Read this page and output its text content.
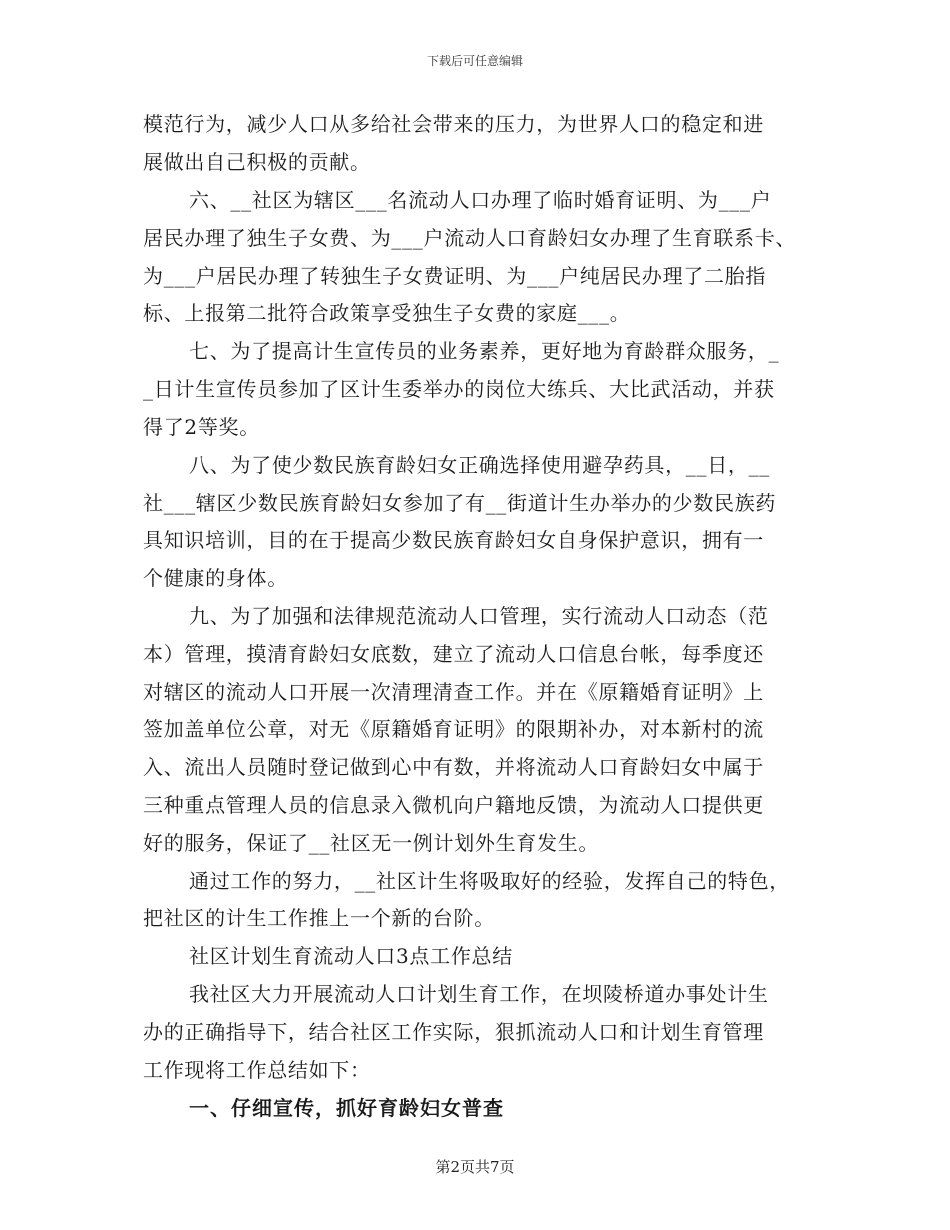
下载后可任意编辑
模范行为，减少人口从多给社会带来的压力，为世界人口的稳定和进
展做出自己积极的贡献。
六、__社区为辖区___名流动人口办理了临时婚育证明、为___户
居民办理了独生子女费、为___户流动人口育龄妇女办理了生育联系卡、
为___户居民办理了转独生子女费证明、为___户纯居民办理了二胎指
标、上报第二批符合政策享受独生子女费的家庭___。
七、为了提高计生宣传员的业务素养，更好地为育龄群众服务，_
_日计生宣传员参加了区计生委举办的岗位大练兵、大比武活动，并获
得了2等奖。
八、为了使少数民族育龄妇女正确选择使用避孕药具，__日，__
社___辖区少数民族育龄妇女参加了有__街道计生办举办的少数民族药
具知识培训，目的在于提高少数民族育龄妇女自身保护意识，拥有一
个健康的身体。
九、为了加强和法律规范流动人口管理，实行流动人口动态（范
本）管理，摸清育龄妇女底数，建立了流动人口信息台帐，每季度还
对辖区的流动人口开展一次清理清查工作。并在《原籍婚育证明》上
签加盖单位公章，对无《原籍婚育证明》的限期补办，对本新村的流
入、流出人员随时登记做到心中有数，并将流动人口育龄妇女中属于
三种重点管理人员的信息录入微机向户籍地反馈，为流动人口提供更
好的服务，保证了__社区无一例计划外生育发生。
通过工作的努力，__社区计生将吸取好的经验，发挥自己的特色，
把社区的计生工作推上一个新的台阶。
社区计划生育流动人口3点工作总结
我社区大力开展流动人口计划生育工作，在坝陵桥道办事处计生
办的正确指导下，结合社区工作实际，狠抓流动人口和计划生育管理
工作现将工作总结如下：
一、仔细宣传，抓好育龄妇女普查
第2页共7页
